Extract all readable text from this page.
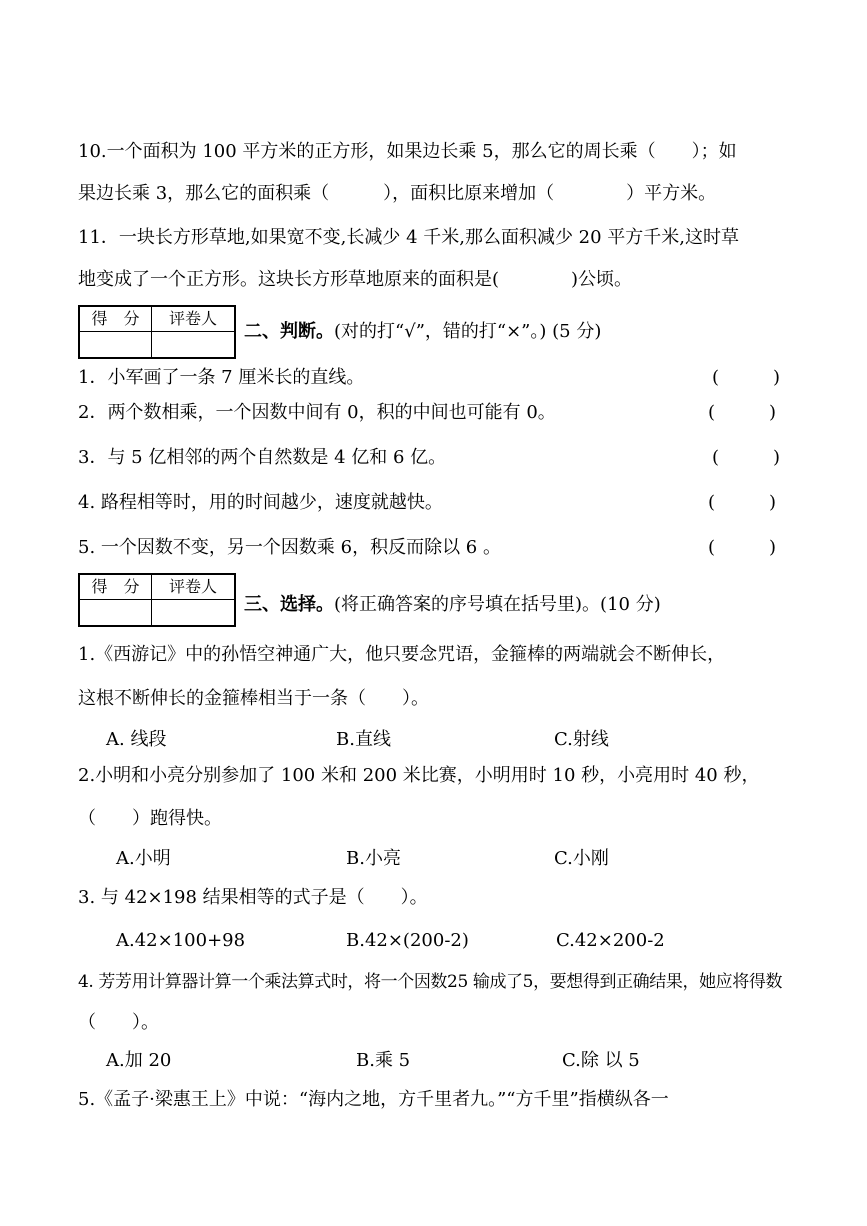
10.一个面积为 100 平方米的正方形，如果边长乘 5，那么它的周长乘（　　）；如
果边长乘 3，那么它的面积乘（　　　），面积比原来增加（　　　　）平方米。
11．一块长方形草地,如果宽不变,长减少 4 千米,那么面积减少 20 平方千米,这时草
地变成了一个正方形。这块长方形草地原来的面积是(　　　　)公顷。
得　分	评卷人
二、判断。(对的打“√”，错的打“×”。) (5 分)
1．小军画了一条 7 厘米长的直线。	(　　　)
2．两个数相乘，一个因数中间有 0，积的中间也可能有 0。	(　　　)
3．与 5 亿相邻的两个自然数是 4 亿和 6 亿。	(　　　)
4. 路程相等时，用的时间越少，速度就越快。	(　　　)
5. 一个因数不变，另一个因数乘 6，积反而除以 6 。	(　　　)
得　分	评卷人
三、选择。(将正确答案的序号填在括号里)。(10 分)
1.《西游记》中的孙悟空神通广大，他只要念咒语，金箍棒的两端就会不断伸长，
这根不断伸长的金箍棒相当于一条（　　）。
A. 线段	B.直线	C.射线
2.小明和小亮分别参加了 100 米和 200 米比赛，小明用时 10 秒，小亮用时 40 秒，
（　　）跑得快。
A.小明	B.小亮	C.小刚
3. 与 42×198 结果相等的式子是（　　）。
A.42×100+98	B.42×(200-2)	C.42×200-2
4. 芳芳用计算器计算一个乘法算式时，将一个因数25 输成了5，要想得到正确结果，她应将得数
（　　）。
A.加 20	B.乘 5	C.除 以 5
5.《孟子·梁惠王上》中说：“海内之地，方千里者九。”“方千里”指横纵各一
